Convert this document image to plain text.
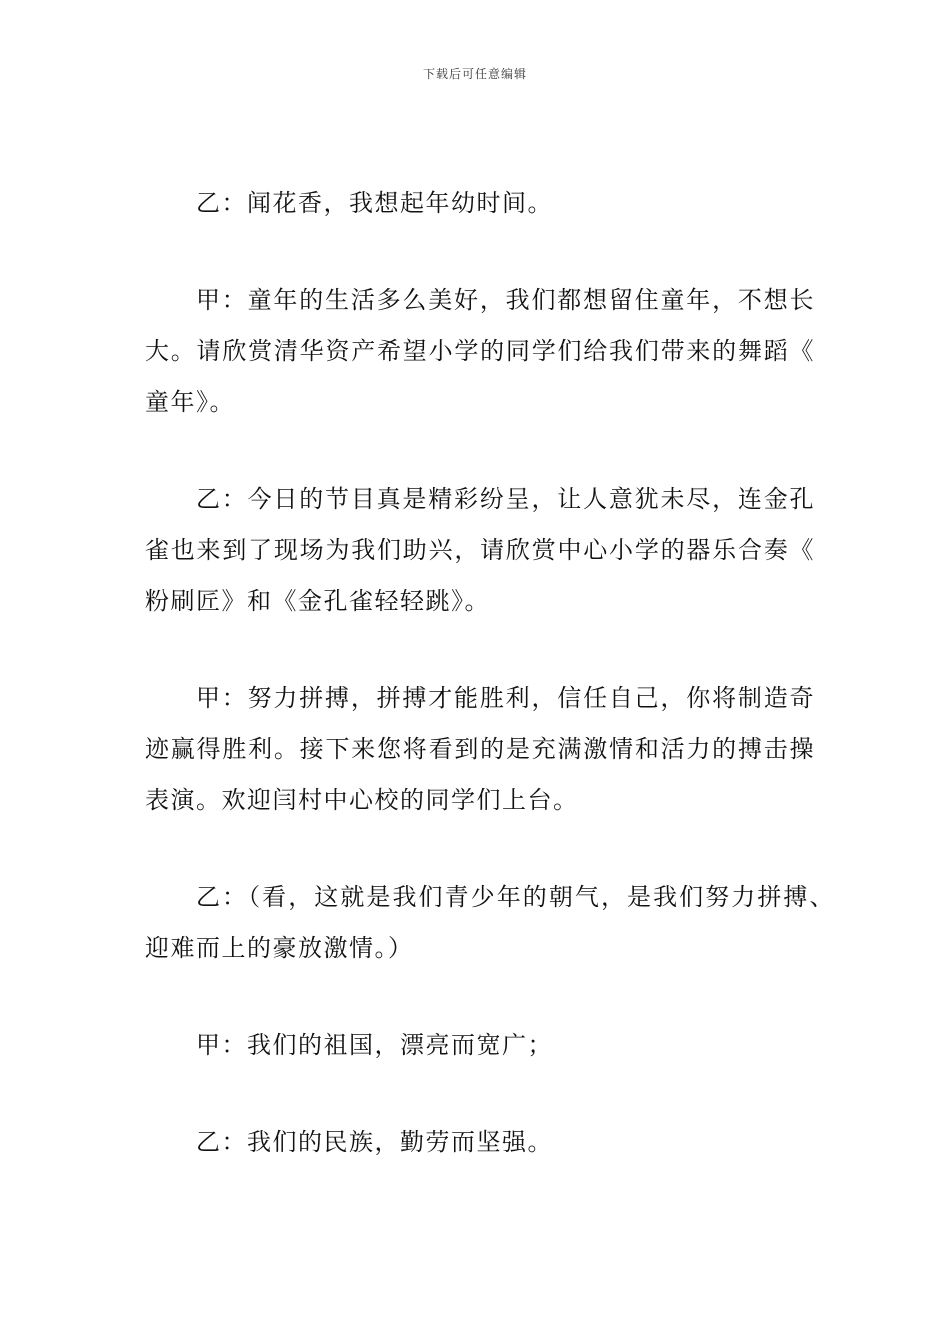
下载后可任意编辑

乙：闻花香，我想起年幼时间。

甲：童年的生活多么美好，我们都想留住童年，不想长大。请欣赏清华资产希望小学的同学们给我们带来的舞蹈《童年》。

乙：今日的节目真是精彩纷呈，让人意犹未尽，连金孔雀也来到了现场为我们助兴，请欣赏中心小学的器乐合奏《粉刷匠》和《金孔雀轻轻跳》。

甲：努力拼搏，拼搏才能胜利，信任自己，你将制造奇迹赢得胜利。接下来您将看到的是充满激情和活力的搏击操表演。欢迎闫村中心校的同学们上台。

乙：（看，这就是我们青少年的朝气，是我们努力拼搏、迎难而上的豪放激情。）

甲：我们的祖国，漂亮而宽广；

乙：我们的民族，勤劳而坚强。
